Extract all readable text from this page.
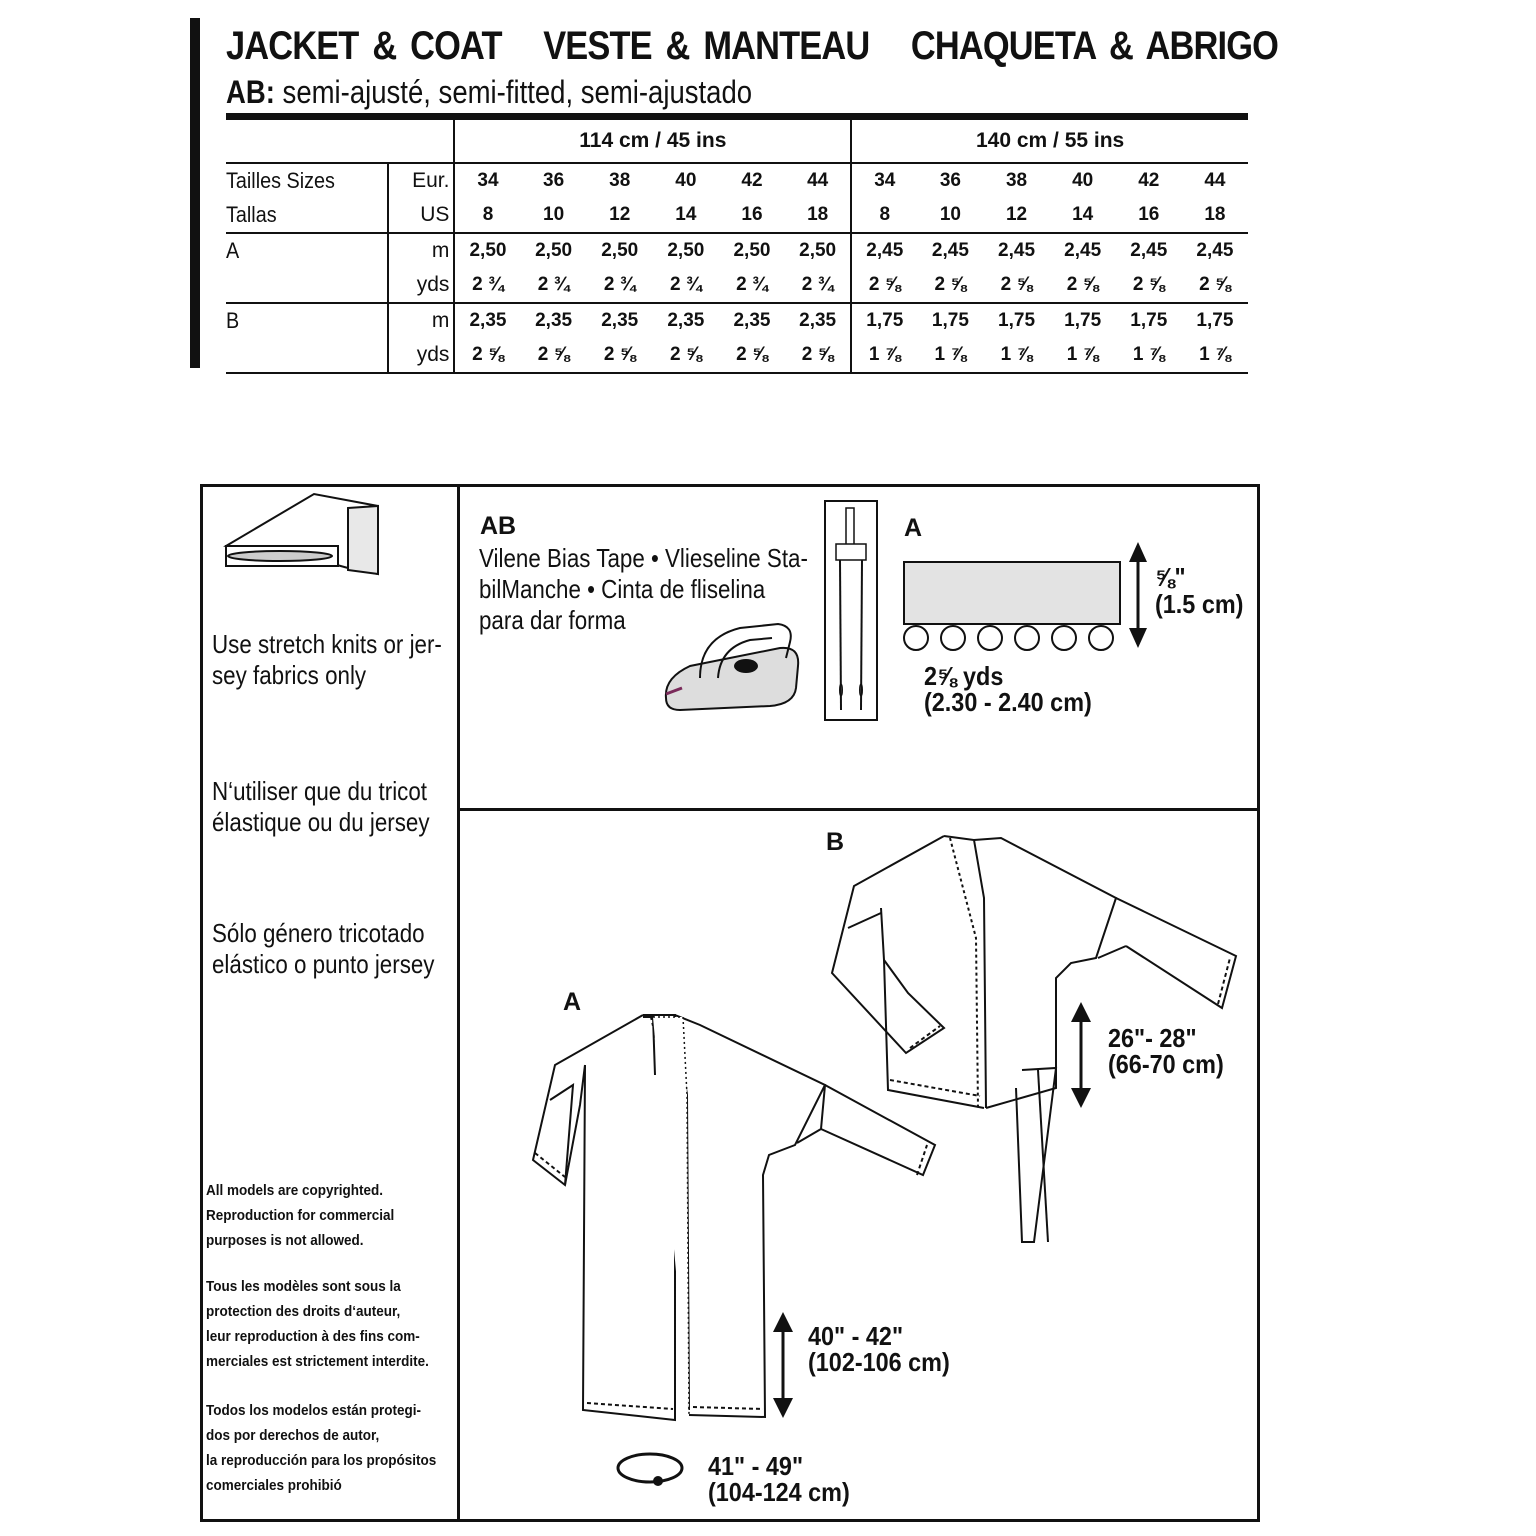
JACKET & COAT   VESTE & MANTEAU   CHAQUETA & ABRIGO
AB: semi-ajusté, semi-fitted, semi-ajustado
		114 cm / 45 ins						140 cm / 55 ins					
Tailles Sizes	Eur.	34	36	38	40	42	44	34	36	38	40	42	44
Tallas	US	8	10	12	14	16	18	8	10	12	14	16	18
A	m	2,50	2,50	2,50	2,50	2,50	2,50	2,45	2,45	2,45	2,45	2,45	2,45
	yds	2 ¾	2 ¾	2 ¾	2 ¾	2 ¾	2 ¾	2 ⅝	2 ⅝	2 ⅝	2 ⅝	2 ⅝	2 ⅝
B	m	2,35	2,35	2,35	2,35	2,35	2,35	1,75	1,75	1,75	1,75	1,75	1,75
	yds	2 ⅝	2 ⅝	2 ⅝	2 ⅝	2 ⅝	2 ⅝	1 ⅞	1 ⅞	1 ⅞	1 ⅞	1 ⅞	1 ⅞
Use stretch knits or jer-
sey fabrics only
N‘utiliser que du tricot
élastique ou du jersey
Sólo género tricotado
elástico o punto jersey
All models are copyrighted.
Reproduction for commercial
purposes is not allowed.
Tous les modèles sont sous la
protection des droits d‘auteur,
leur reproduction à des fins com-
merciales est strictement interdite.
Todos los modelos están protegi-
dos por derechos de autor,
la reproducción para los propósitos
comerciales prohibió
AB
Vilene Bias Tape • Vlieseline Sta-
bilManche • Cinta de fliselina
para dar forma
A
⅝"
(1.5 cm)
2⅝ yds
(2.30 - 2.40 cm)
A
40" - 42"
(102-106 cm)
41" - 49"
(104-124 cm)
B
26"- 28"
(66-70 cm)
